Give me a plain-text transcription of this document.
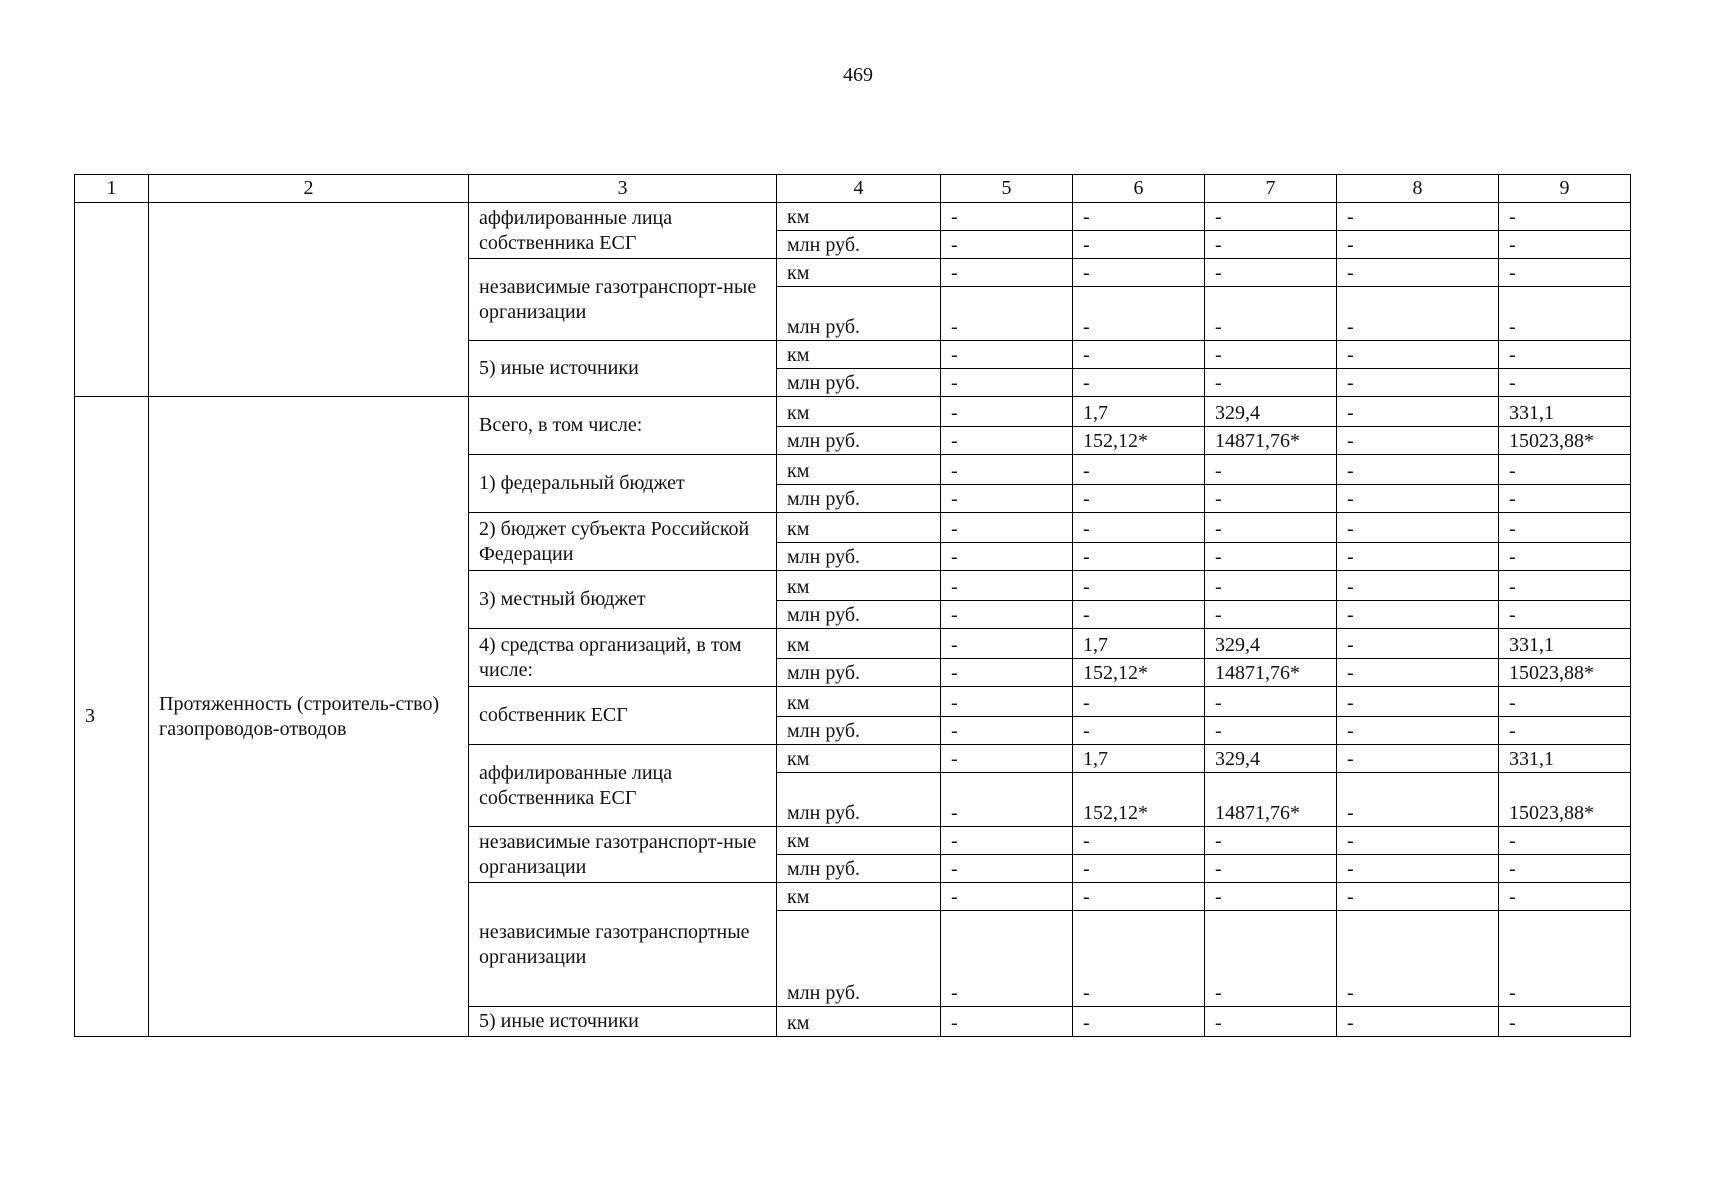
469
1	2	3	4	5	6	7	8	9
		аффилированные лица собственника ЕСГ	км	-	-	-	-	-
			млн руб.	-	-	-	-	-
		независимые газотранспорт-ные организации	км	-	-	-	-	-
			млн руб.	-	-	-	-	-
		5) иные источники	км	-	-	-	-	-
			млн руб.	-	-	-	-	-
3	Протяженность (строитель-ство) газопроводов-отводов	Всего, в том числе:	км	-	1,7	329,4	-	331,1
			млн руб.	-	152,12*	14871,76*	-	15023,88*
		1) федеральный бюджет	км	-	-	-	-	-
			млн руб.	-	-	-	-	-
		2) бюджет субъекта Российской Федерации	км	-	-	-	-	-
			млн руб.	-	-	-	-	-
		3) местный бюджет	км	-	-	-	-	-
			млн руб.	-	-	-	-	-
		4) средства организаций, в том числе:	км	-	1,7	329,4	-	331,1
			млн руб.	-	152,12*	14871,76*	-	15023,88*
		собственник ЕСГ	км	-	-	-	-	-
			млн руб.	-	-	-	-	-
		аффилированные лица собственника ЕСГ	км	-	1,7	329,4	-	331,1
			млн руб.	-	152,12*	14871,76*	-	15023,88*
		независимые газотранспорт-ные организации	км	-	-	-	-	-
			млн руб.	-	-	-	-	-
		независимые газотранспортные организации	км	-	-	-	-	-
			млн руб.	-	-	-	-	-
		5) иные источники	км	-	-	-	-	-
